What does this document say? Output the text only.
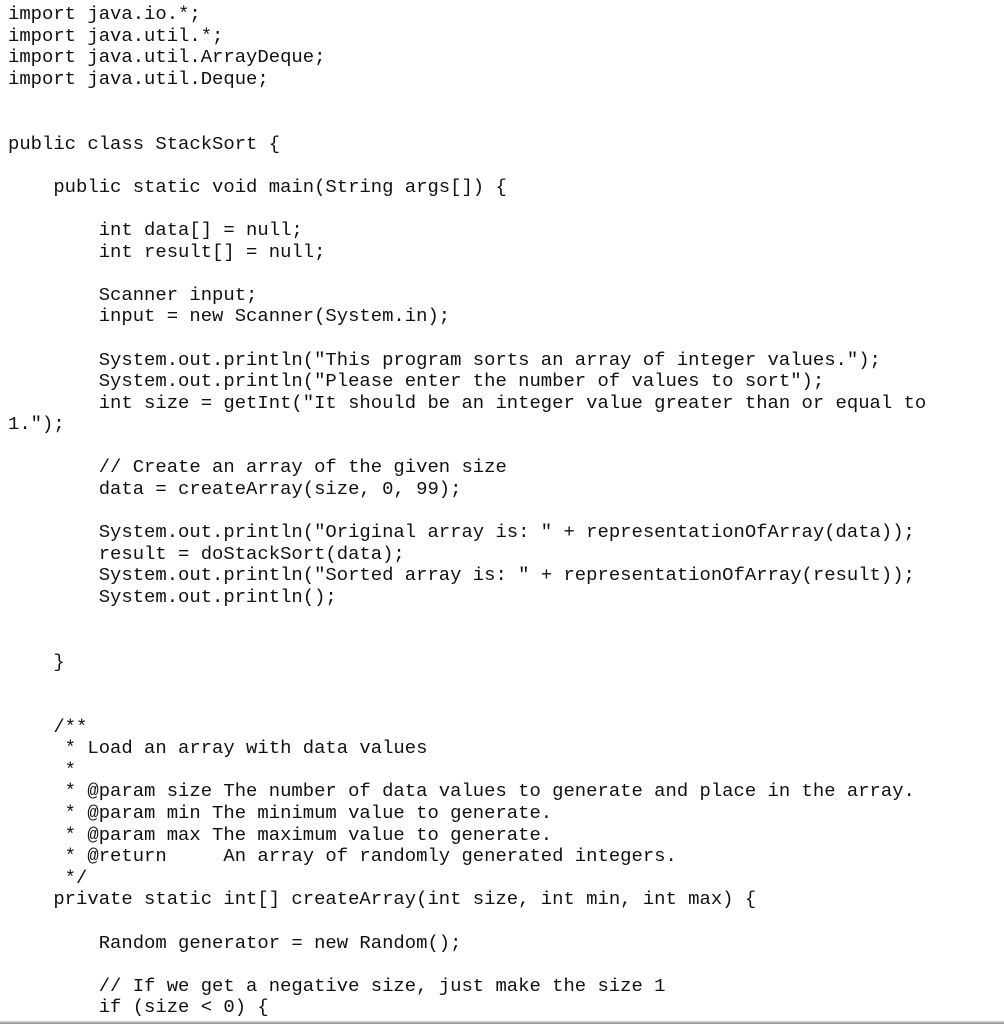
import java.io.*;
import java.util.*;
import java.util.ArrayDeque;
import java.util.Deque;
public class StackSort {
public static void main(String args[]) {
int data[] = null;
int result[] = null;
Scanner input;
input = new Scanner(System.in);
System.out.println("This program sorts an array of integer values.");
System.out.println("Please enter the number of values to sort");
int size = getInt("It should be an integer value greater than or equal to
1.");
// Create an array of the given size
data = createArray(size, 0, 99);
System.out.println("Original array is: " + representationOfArray(data));
result = doStackSort(data);
System.out.println("Sorted array is: " + representationOfArray(result));
System.out.println();
}
/**
* Load an array with data values
*
* @param size The number of data values to generate and place in the array.
* @param min The minimum value to generate.
* @param max The maximum value to generate.
* @return     An array of randomly generated integers.
*/
private static int[] createArray(int size, int min, int max) {
Random generator = new Random();
// If we get a negative size, just make the size 1
if (size < 0) {
